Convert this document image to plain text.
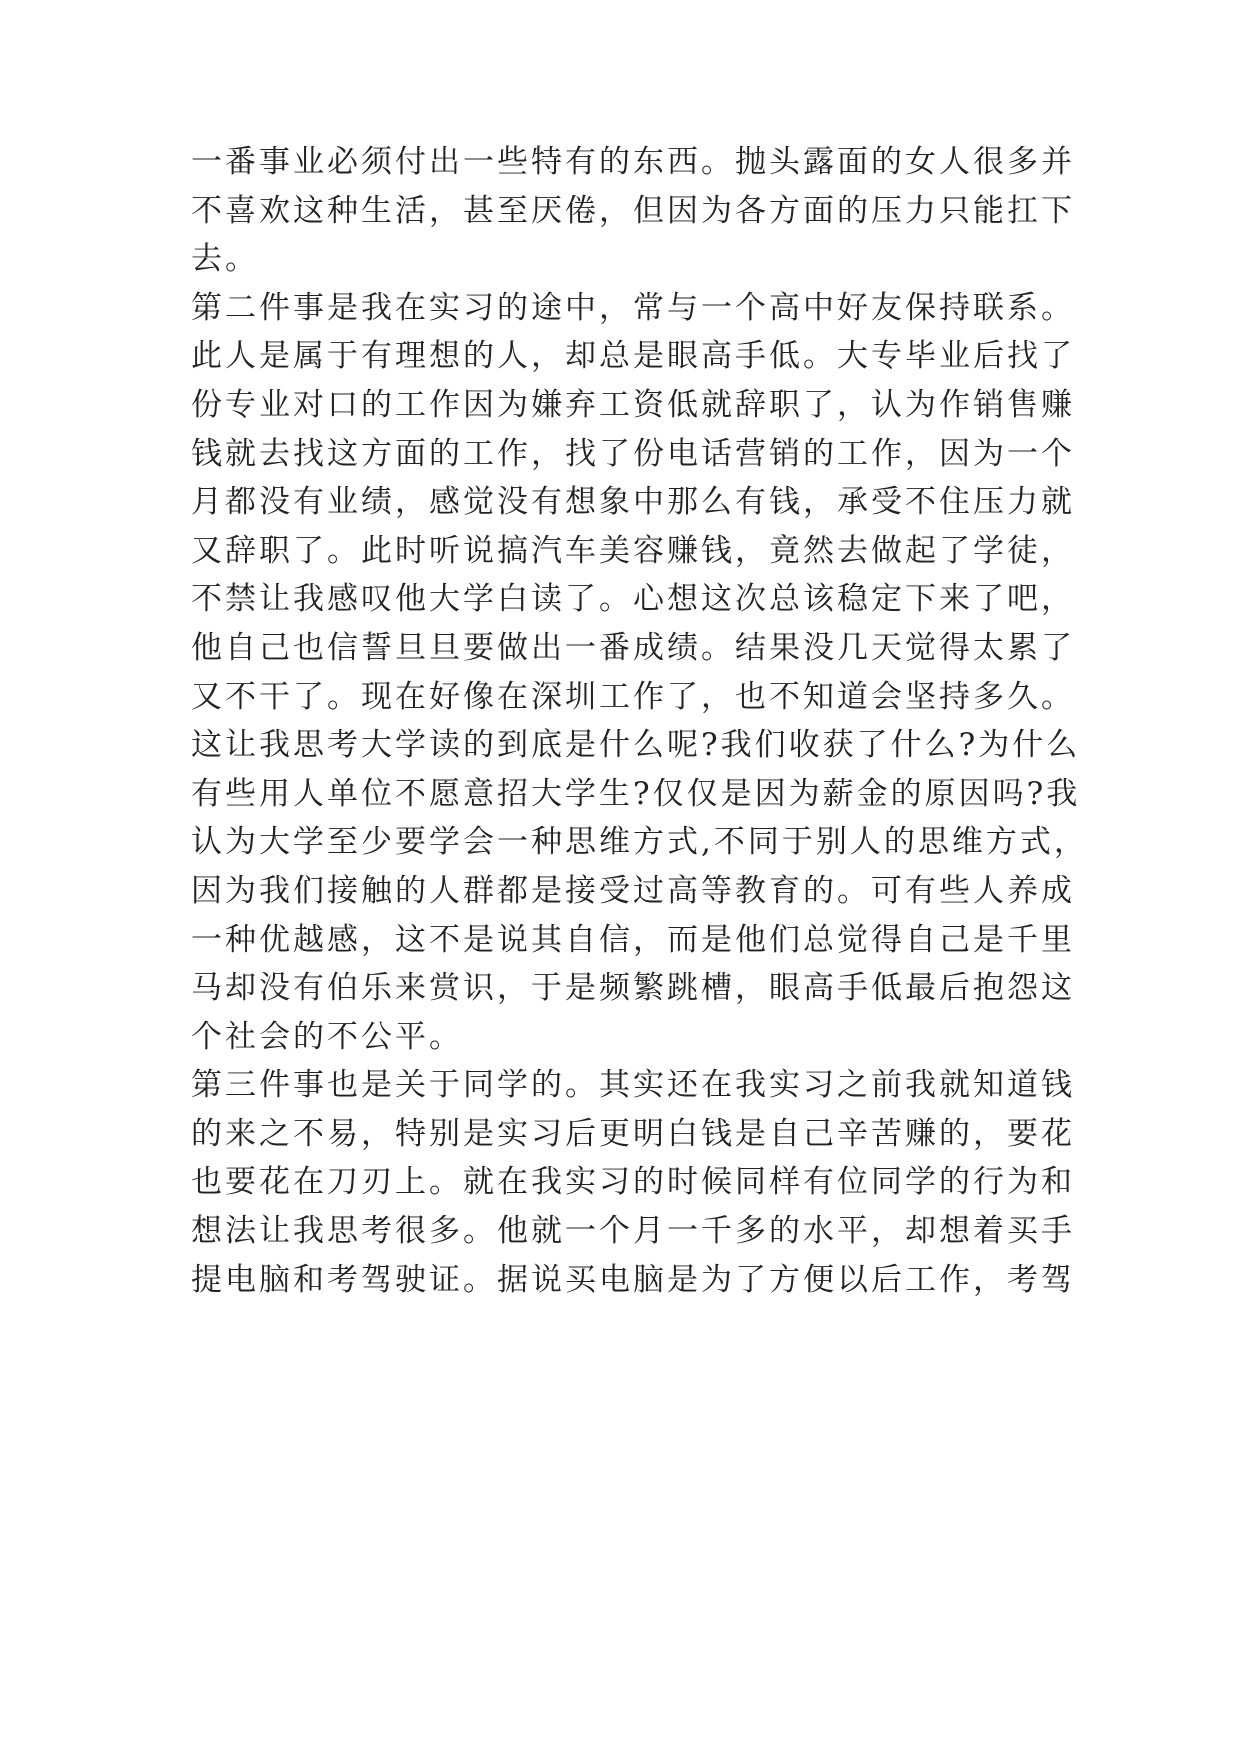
一番事业必须付出一些特有的东西。抛头露面的女人很多并
不喜欢这种生活，甚至厌倦，但因为各方面的压力只能扛下
去。
第二件事是我在实习的途中，常与一个高中好友保持联系。
此人是属于有理想的人，却总是眼高手低。大专毕业后找了
份专业对口的工作因为嫌弃工资低就辞职了，认为作销售赚
钱就去找这方面的工作，找了份电话营销的工作，因为一个
月都没有业绩，感觉没有想象中那么有钱，承受不住压力就
又辞职了。此时听说搞汽车美容赚钱，竟然去做起了学徒，
不禁让我感叹他大学白读了。心想这次总该稳定下来了吧，
他自己也信誓旦旦要做出一番成绩。结果没几天觉得太累了
又不干了。现在好像在深圳工作了，也不知道会坚持多久。
这让我思考大学读的到底是什么呢?我们收获了什么?为什么
有些用人单位不愿意招大学生?仅仅是因为薪金的原因吗?我
认为大学至少要学会一种思维方式,不同于别人的思维方式，
因为我们接触的人群都是接受过高等教育的。可有些人养成
一种优越感，这不是说其自信，而是他们总觉得自己是千里
马却没有伯乐来赏识，于是频繁跳槽，眼高手低最后抱怨这
个社会的不公平。
第三件事也是关于同学的。其实还在我实习之前我就知道钱
的来之不易，特别是实习后更明白钱是自己辛苦赚的，要花
也要花在刀刃上。就在我实习的时候同样有位同学的行为和
想法让我思考很多。他就一个月一千多的水平，却想着买手
提电脑和考驾驶证。据说买电脑是为了方便以后工作，考驾
